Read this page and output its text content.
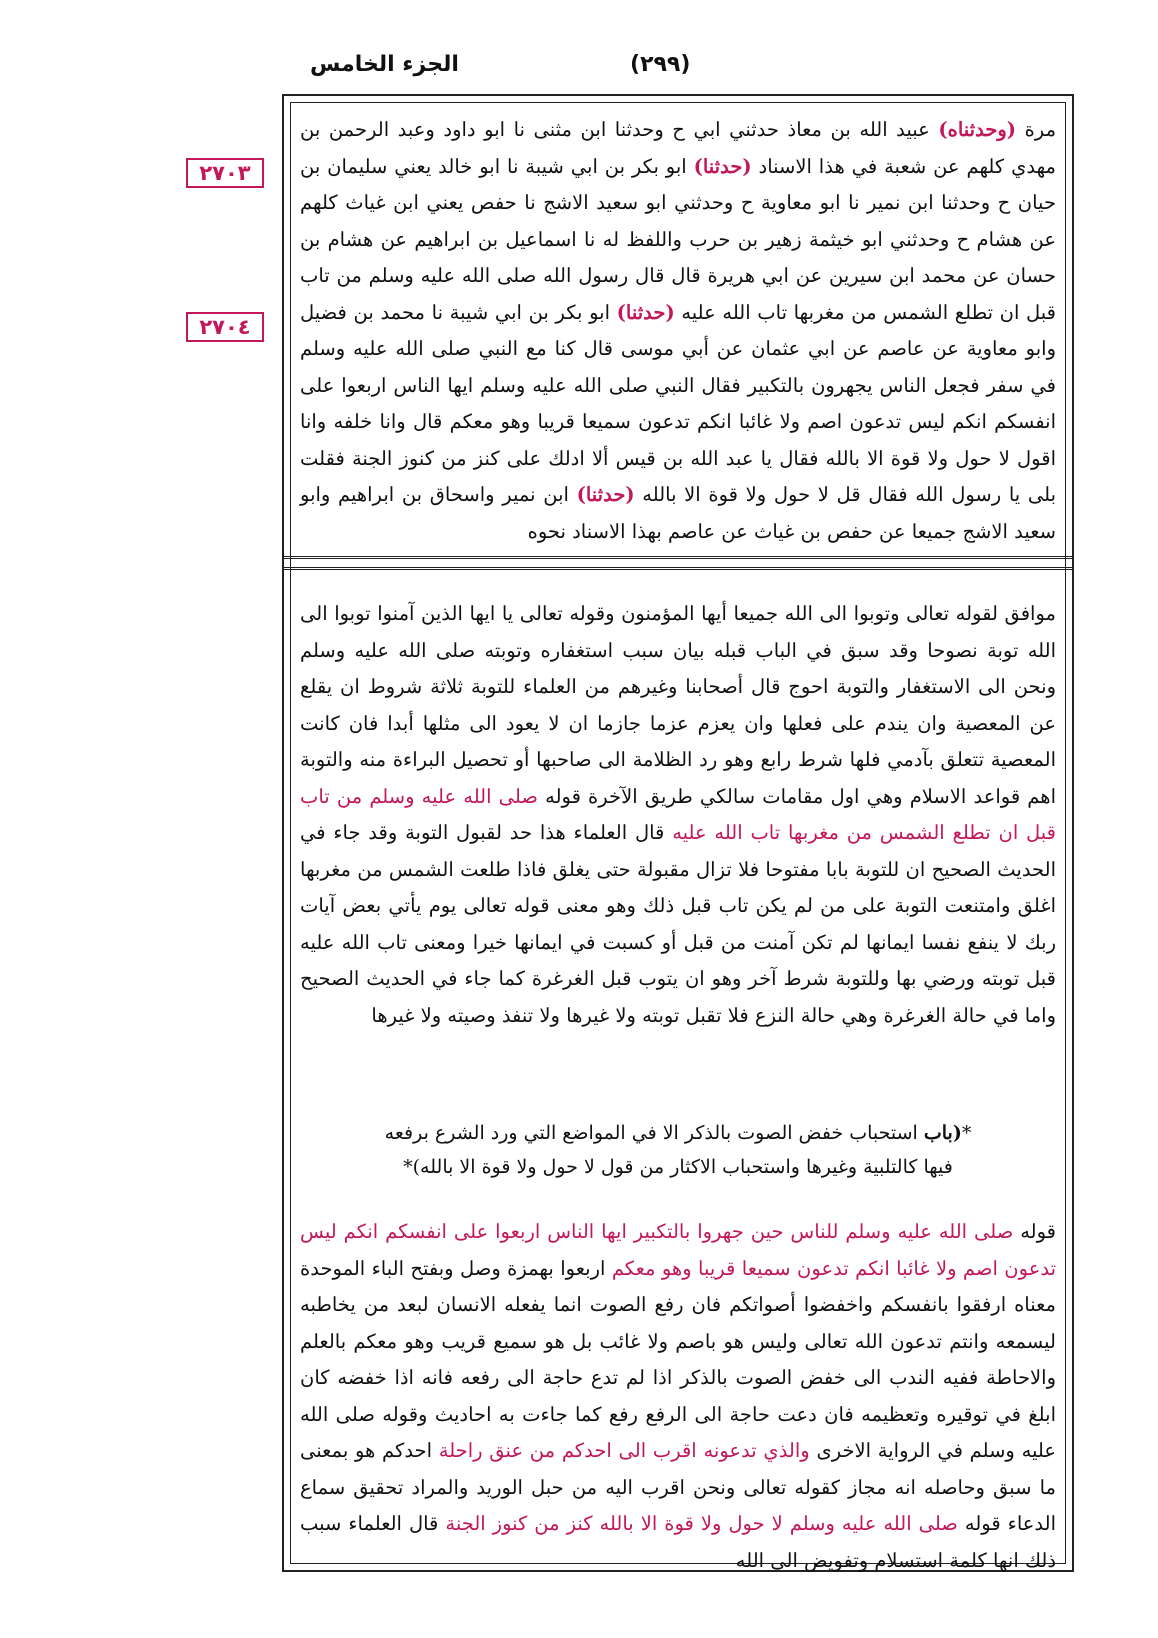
(٢٩٩)
الجزء الخامس
٢٧٠٣
٢٧٠٤

مرة (وحدثناه) عبيد الله بن معاذ حدثني ابي ح وحدثنا ابن مثنى نا ابو داود وعبد الرحمن بن مهدي كلهم عن شعبة في هذا الاسناد (حدثنا) ابو بكر بن ابي شيبة نا ابو خالد يعني سليمان بن حيان ح وحدثنا ابن نمير نا ابو معاوية ح وحدثني ابو سعيد الاشج نا حفص يعني ابن غياث كلهم عن هشام ح وحدثني ابو خيثمة زهير بن حرب واللفظ له نا اسماعيل بن ابراهيم عن هشام بن حسان عن محمد ابن سيرين عن ابي هريرة قال قال رسول الله صلى الله عليه وسلم من تاب قبل ان تطلع الشمس من مغربها تاب الله عليه (حدثنا) ابو بكر بن ابي شيبة نا محمد بن فضيل وابو معاوية عن عاصم عن ابي عثمان عن أبي موسى قال كنا مع النبي صلى الله عليه وسلم في سفر فجعل الناس يجهرون بالتكبير فقال النبي صلى الله عليه وسلم ايها الناس اربعوا على انفسكم انكم ليس تدعون اصم ولا غائبا انكم تدعون سميعا قريبا وهو معكم قال وانا خلفه وانا اقول لا حول ولا قوة الا بالله فقال يا عبد الله بن قيس ألا ادلك على كنز من كنوز الجنة فقلت بلى يا رسول الله فقال قل لا حول ولا قوة الا بالله (حدثنا) ابن نمير واسحاق بن ابراهيم وابو سعيد الاشج جميعا عن حفص بن غياث عن عاصم بهذا الاسناد نحوه

موافق لقوله تعالى وتوبوا الى الله جميعا أيها المؤمنون وقوله تعالى يا ايها الذين آمنوا توبوا الى الله توبة نصوحا وقد سبق في الباب قبله بيان سبب استغفاره وتوبته صلى الله عليه وسلم ونحن الى الاستغفار والتوبة احوج قال أصحابنا وغيرهم من العلماء للتوبة ثلاثة شروط ان يقلع عن المعصية وان يندم على فعلها وان يعزم عزما جازما ان لا يعود الى مثلها أبدا فان كانت المعصية تتعلق بآدمي فلها شرط رابع وهو رد الظلامة الى صاحبها أو تحصيل البراءة منه والتوبة اهم قواعد الاسلام وهي اول مقامات سالكي طريق الآخرة قوله صلى الله عليه وسلم من تاب قبل ان تطلع الشمس من مغربها تاب الله عليه قال العلماء هذا حد لقبول التوبة وقد جاء في الحديث الصحيح ان للتوبة بابا مفتوحا فلا تزال مقبولة حتى يغلق فاذا طلعت الشمس من مغربها اغلق وامتنعت التوبة على من لم يكن تاب قبل ذلك وهو معنى قوله تعالى يوم يأتي بعض آيات ربك لا ينفع نفسا ايمانها لم تكن آمنت من قبل أو كسبت في ايمانها خيرا ومعنى تاب الله عليه قبل توبته ورضي بها وللتوبة شرط آخر وهو ان يتوب قبل الغرغرة كما جاء في الحديث الصحيح واما في حالة الغرغرة وهي حالة النزع فلا تقبل توبته ولا غيرها ولا تنفذ وصيته ولا غيرها

*(باب استحباب خفض الصوت بالذكر الا في المواضع التي ورد الشرع برفعه
فيها كالتلبية وغيرها واستحباب الاكثار من قول لا حول ولا قوة الا بالله)*

قوله صلى الله عليه وسلم للناس حين جهروا بالتكبير ايها الناس اربعوا على انفسكم انكم ليس تدعون اصم ولا غائبا انكم تدعون سميعا قريبا وهو معكم اربعوا بهمزة وصل وبفتح الباء الموحدة معناه ارفقوا بانفسكم واخفضوا أصواتكم فان رفع الصوت انما يفعله الانسان لبعد من يخاطبه ليسمعه وانتم تدعون الله تعالى وليس هو باصم ولا غائب بل هو سميع قريب وهو معكم بالعلم والاحاطة ففيه الندب الى خفض الصوت بالذكر اذا لم تدع حاجة الى رفعه فانه اذا خفضه كان ابلغ في توقيره وتعظيمه فان دعت حاجة الى الرفع رفع كما جاءت به احاديث وقوله صلى الله عليه وسلم في الرواية الاخرى والذي تدعونه اقرب الى احدكم من عنق راحلة احدكم هو بمعنى ما سبق وحاصله انه مجاز كقوله تعالى ونحن اقرب اليه من حبل الوريد والمراد تحقيق سماع الدعاء قوله صلى الله عليه وسلم لا حول ولا قوة الا بالله كنز من كنوز الجنة قال العلماء سبب ذلك انها كلمة استسلام وتفويض الى الله
